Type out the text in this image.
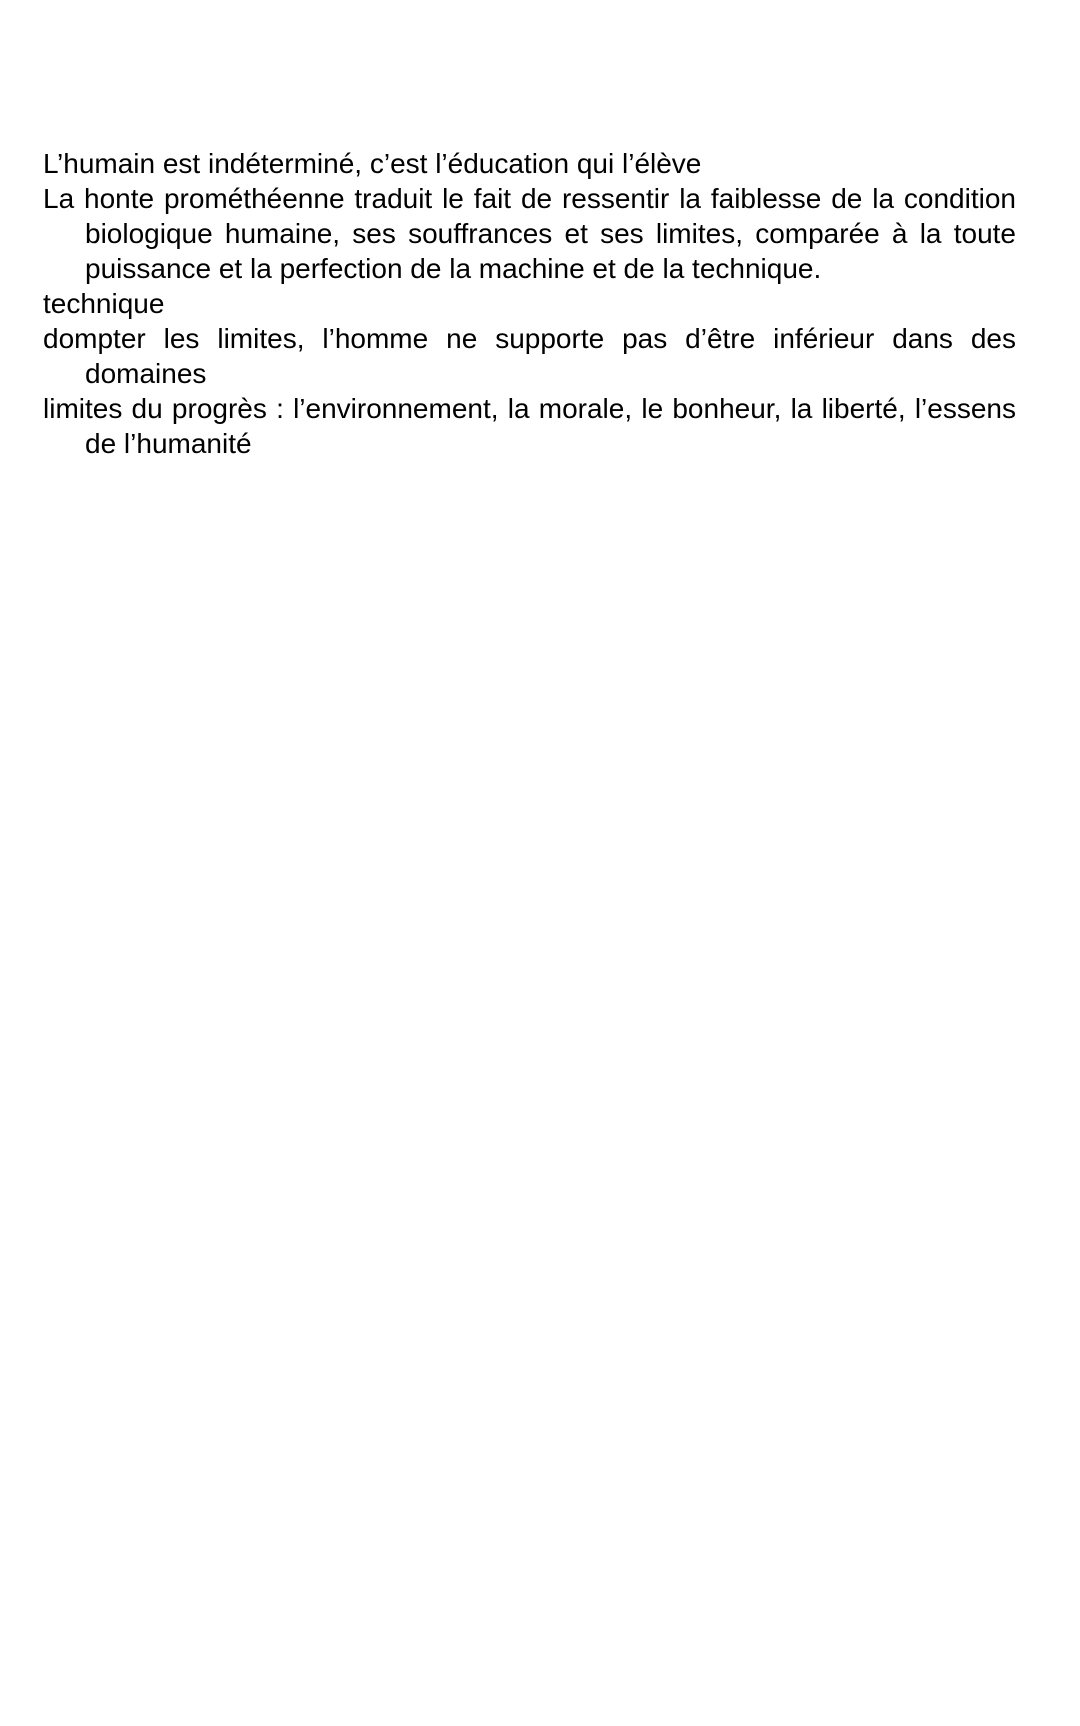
L’humain est indéterminé, c’est l’éducation qui l’élève

La honte prométhéenne traduit le fait de ressentir la faiblesse de la condition biologique humaine, ses souffrances et ses limites, comparée à la toute puissance et la perfection de la machine et de la technique.

technique

dompter les limites, l’homme ne supporte pas d’être inférieur dans des domaines

limites du progrès : l’environnement, la morale, le bonheur, la liberté, l’essens de l’humanité
